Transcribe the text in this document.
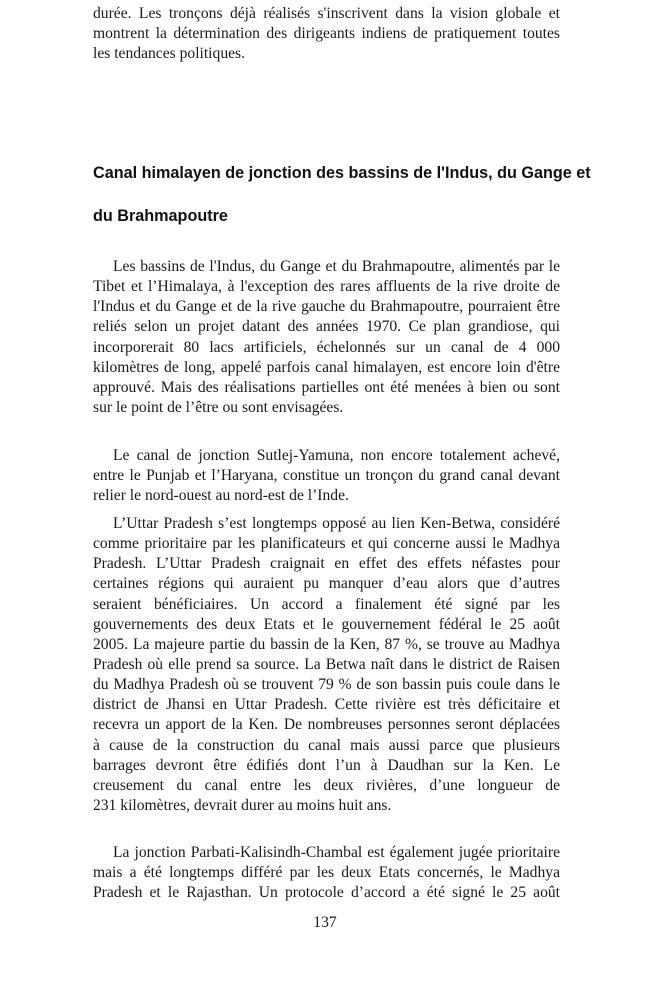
durée. Les tronçons déjà réalisés s'inscrivent dans la vision globale et
montrent la détermination des dirigeants indiens de pratiquement toutes
les tendances politiques.
Canal himalayen de jonction des bassins de l'Indus, du Gange et
du Brahmapoutre
Les bassins de l'Indus, du Gange et du Brahmapoutre, alimentés par le
Tibet et l’Himalaya, à l'exception des rares affluents de la rive droite de
l'Indus et du Gange et de la rive gauche du Brahmapoutre, pourraient être
reliés selon un projet datant des années 1970. Ce plan grandiose, qui
incorporerait 80 lacs artificiels, échelonnés sur un canal de 4 000
kilomètres de long, appelé parfois canal himalayen, est encore loin d'être
approuvé. Mais des réalisations partielles ont été menées à bien ou sont
sur le point de l’être ou sont envisagées.
Le canal de jonction Sutlej-Yamuna, non encore totalement achevé,
entre le Punjab et l’Haryana, constitue un tronçon du grand canal devant
relier le nord-ouest au nord-est de l’Inde.
L’Uttar Pradesh s’est longtemps opposé au lien Ken-Betwa, considéré
comme prioritaire par les planificateurs et qui concerne aussi le Madhya
Pradesh. L’Uttar Pradesh craignait en effet des effets néfastes pour
certaines régions qui auraient pu manquer d’eau alors que d’autres
seraient bénéficiaires. Un accord a finalement été signé par les
gouvernements des deux Etats et le gouvernement fédéral le 25 août
2005. La majeure partie du bassin de la Ken, 87 %, se trouve au Madhya
Pradesh où elle prend sa source. La Betwa naît dans le district de Raisen
du Madhya Pradesh où se trouvent 79 % de son bassin puis coule dans le
district de Jhansi en Uttar Pradesh. Cette rivière est très déficitaire et
recevra un apport de la Ken. De nombreuses personnes seront déplacées
à cause de la construction du canal mais aussi parce que plusieurs
barrages devront être édifiés dont l’un à Daudhan sur la Ken. Le
creusement du canal entre les deux rivières, d’une longueur de
231 kilomètres, devrait durer au moins huit ans.
La jonction Parbati-Kalisindh-Chambal est également jugée prioritaire
mais a été longtemps différé par les deux Etats concernés, le Madhya
Pradesh et le Rajasthan. Un protocole d’accord a été signé le 25 août
137
